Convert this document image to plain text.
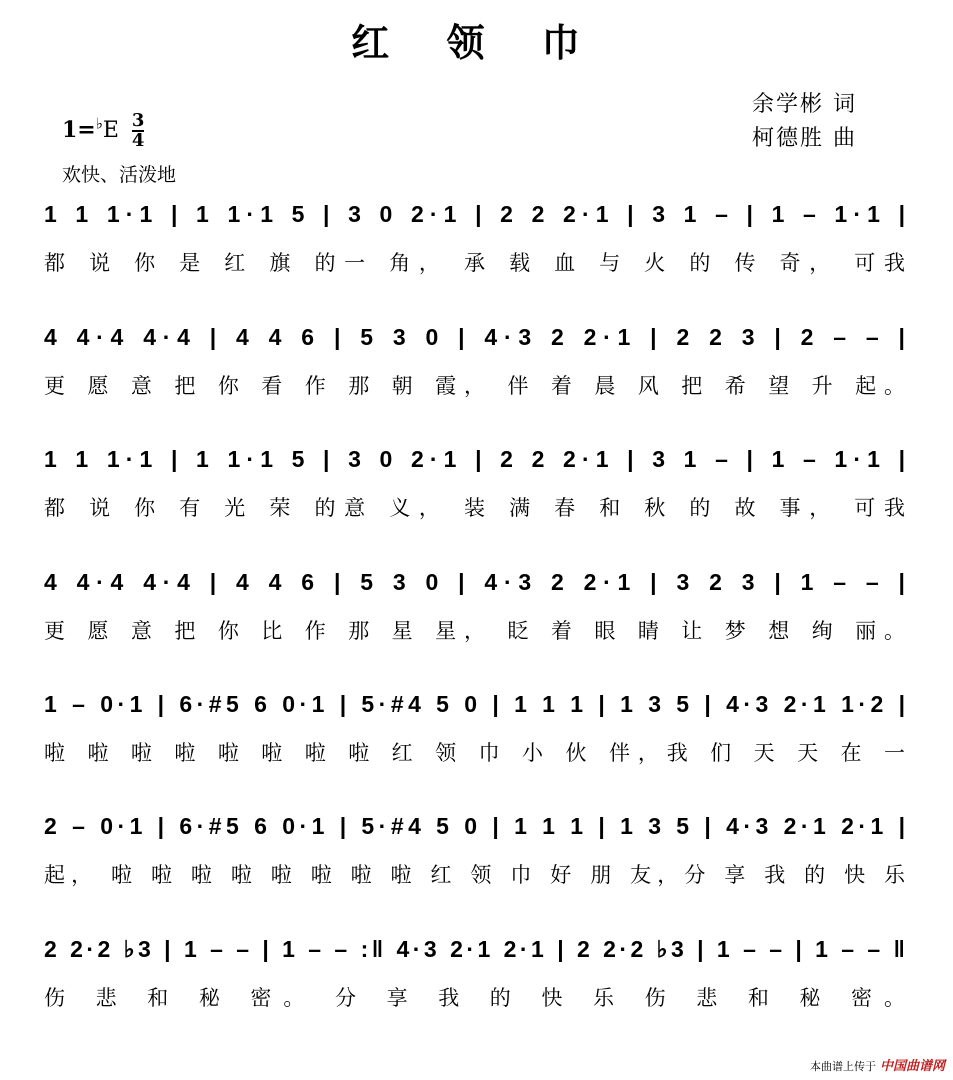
红 领 巾
$1=^♭E \frac{3}{4}$
欢快、活泼地
余学彬 词
柯德胜 曲
1 1 1·1 | 1 1·1 5 | 3 0 2·1 | 2 2 2·1 | 3 1 – | 1 – 1·1 |
都 说 你 是 红 旗 的一 角， 承 载 血 与 火 的 传 奇， 可我
4 4·4 4·4 | 4 4 6 | 5 3 0 | 4·3 2 2·1 | 2 2 3 | 2 – – |
更 愿 意 把 你 看 作 那 朝 霞， 伴 着 晨 风 把 希 望 升 起。
1 1 1·1 | 1 1·1 5 | 3 0 2·1 | 2 2 2·1 | 3 1 – | 1 – 1·1 |
都 说 你 有 光 荣 的意 义， 装 满 春 和 秋 的 故 事， 可我
4 4·4 4·4 | 4 4 6 | 5 3 0 | 4·3 2 2·1 | 3 2 3 | 1 – – |
更 愿 意 把 你 比 作 那 星 星， 眨 着 眼 睛 让 梦 想 绚 丽。
1 – 0·1 | 6·#5 6 0·1 | 5·#4 5 0 | 1 1 1 | 1 3 5 | 4·3 2·1 1·2 |
啦 啦 啦 啦 啦 啦 啦 啦 红 领 巾 小 伙 伴，我 们 天 天 在 一
2 – 0·1 | 6·#5 6 0·1 | 5·#4 5 0 | 1 1 1 | 1 3 5 | 4·3 2·1 2·1 |
起， 啦 啦 啦 啦 啦 啦 啦 啦 红 领 巾 好 朋 友，分 享 我 的 快 乐
2 2·2 ♭3 | 1 – – | 1 – – :‖ 4·3 2·1 2·1 | 2 2·2 ♭3 | 1 – – | 1 – – ‖
伤 悲 和 秘 密。 分 享 我 的 快 乐 伤 悲 和 秘 密。
本曲谱上传于 中国曲谱网
